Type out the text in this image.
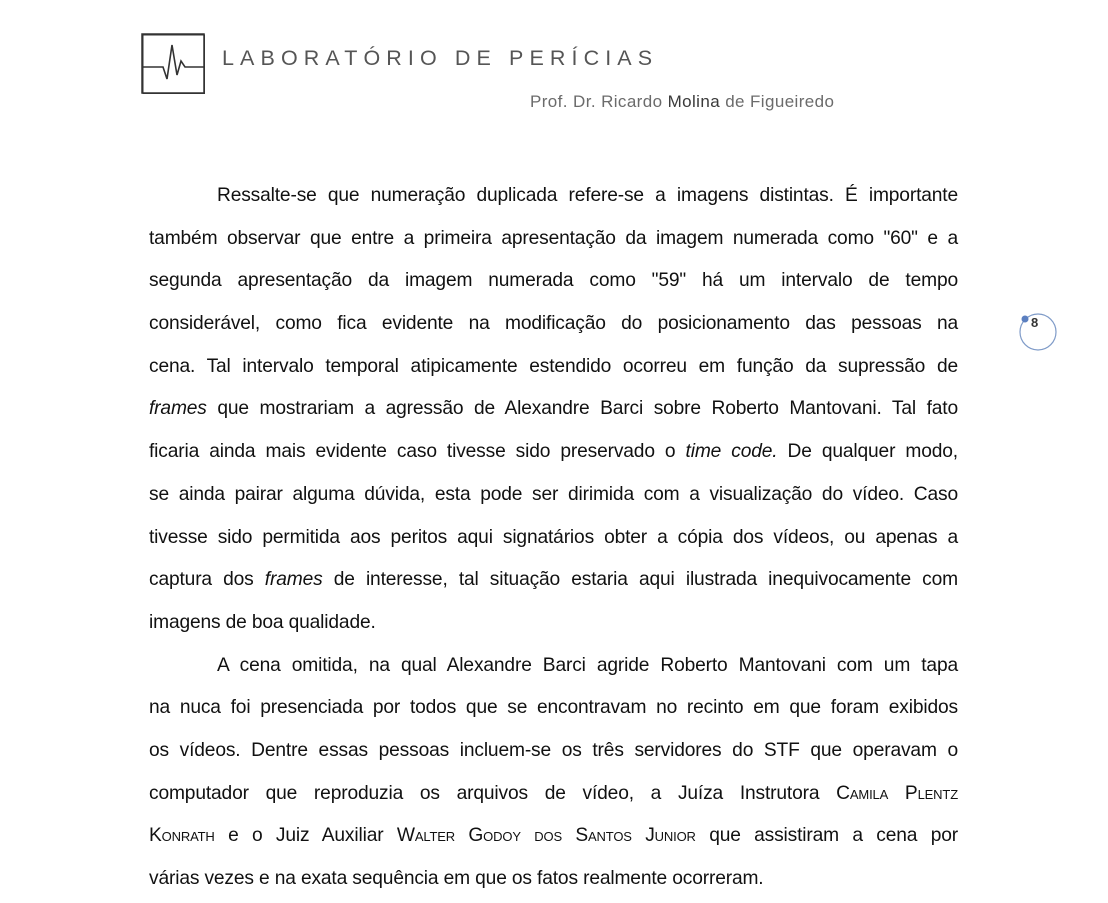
LABORATÓRIO DE PERÍCIAS
Prof. Dr. Ricardo Molina de Figueiredo
8
Ressalte-se que numeração duplicada refere-se a imagens distintas. É importante
também observar que entre a primeira apresentação da imagem numerada como "60" e a
segunda apresentação da imagem numerada como "59" há um intervalo de tempo
considerável, como fica evidente na modificação do posicionamento das pessoas na
cena. Tal intervalo temporal atipicamente estendido ocorreu em função da supressão de
frames que mostrariam a agressão de Alexandre Barci sobre Roberto Mantovani. Tal fato
ficaria ainda mais evidente caso tivesse sido preservado o time code. De qualquer modo,
se ainda pairar alguma dúvida, esta pode ser dirimida com a visualização do vídeo. Caso
tivesse sido permitida aos peritos aqui signatários obter a cópia dos vídeos, ou apenas a
captura dos frames de interesse, tal situação estaria aqui ilustrada inequivocamente com
imagens de boa qualidade.
A cena omitida, na qual Alexandre Barci agride Roberto Mantovani com um tapa
na nuca foi presenciada por todos que se encontravam no recinto em que foram exibidos
os vídeos. Dentre essas pessoas incluem-se os três servidores do STF que operavam o
computador que reproduzia os arquivos de vídeo, a Juíza Instrutora Camila Plentz
Konrath e o Juiz Auxiliar Walter Godoy dos Santos Junior que assistiram a cena por
várias vezes e na exata sequência em que os fatos realmente ocorreram.
